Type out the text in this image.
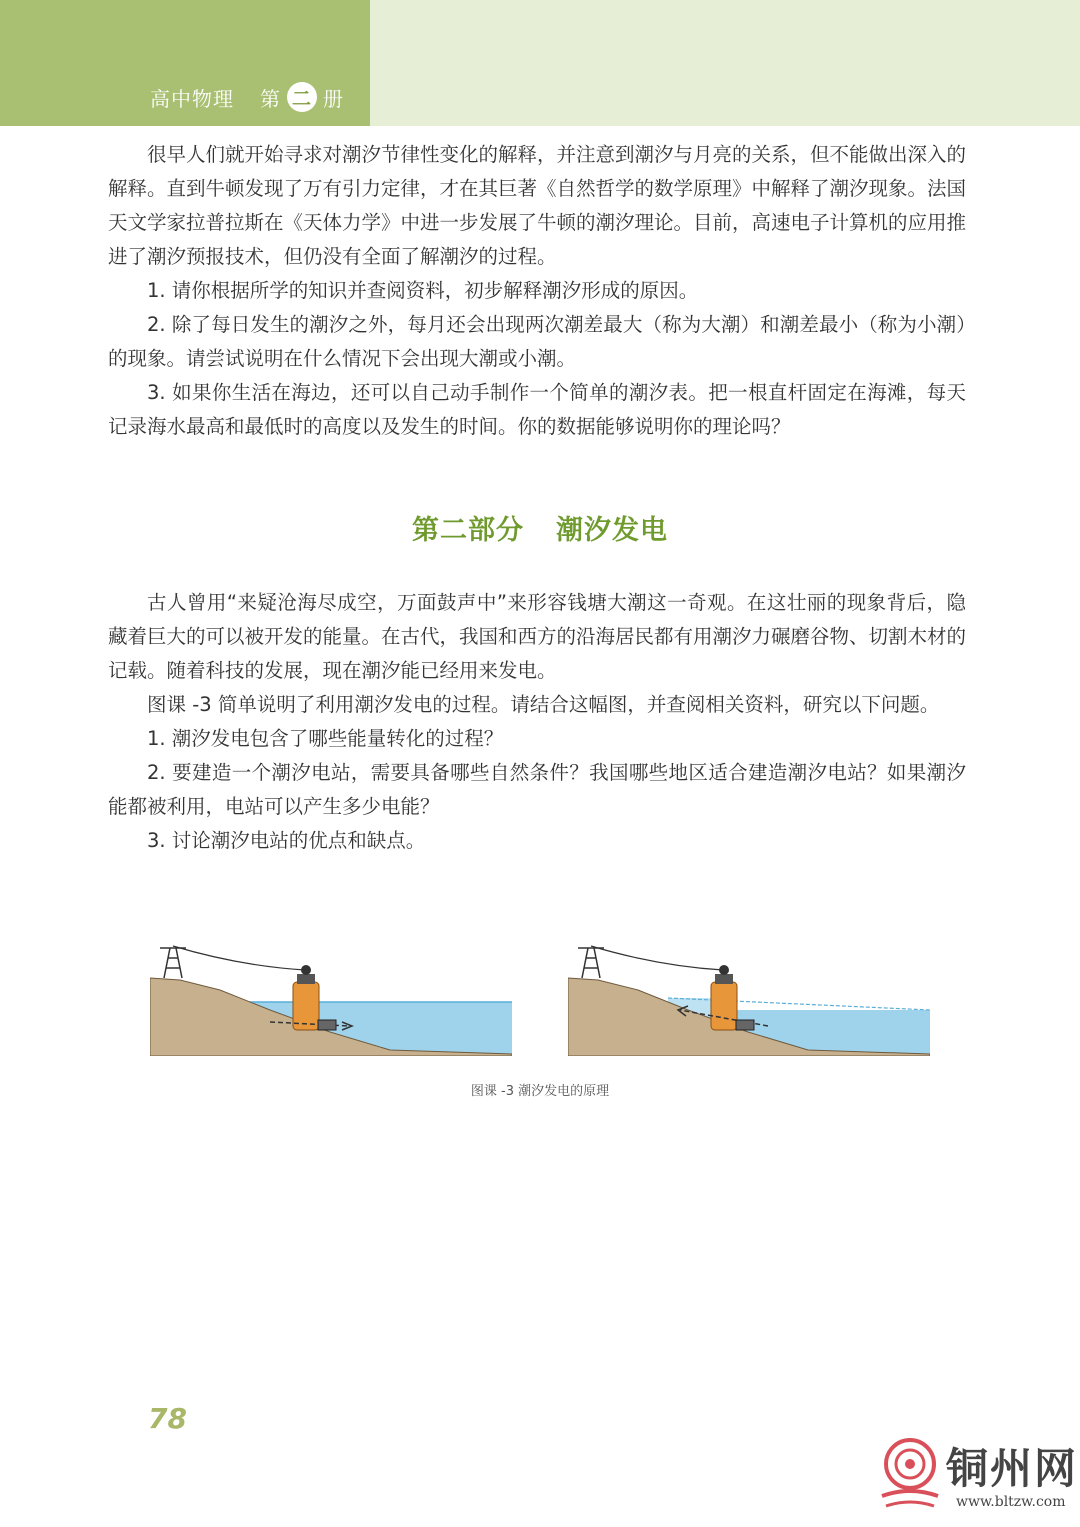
高中物理 第 二 册

很早人们就开始寻求对潮汐节律性变化的解释，并注意到潮汐与月亮的关系，但不能做出深入的解释。直到牛顿发现了万有引力定律，才在其巨著《自然哲学的数学原理》中解释了潮汐现象。法国天文学家拉普拉斯在《天体力学》中进一步发展了牛顿的潮汐理论。目前，高速电子计算机的应用推进了潮汐预报技术，但仍没有全面了解潮汐的过程。

1. 请你根据所学的知识并查阅资料，初步解释潮汐形成的原因。

2. 除了每日发生的潮汐之外，每月还会出现两次潮差最大（称为大潮）和潮差最小（称为小潮）的现象。请尝试说明在什么情况下会出现大潮或小潮。

3. 如果你生活在海边，还可以自己动手制作一个简单的潮汐表。把一根直杆固定在海滩，每天记录海水最高和最低时的高度以及发生的时间。你的数据能够说明你的理论吗？

第二部分 潮汐发电

古人曾用“来疑沧海尽成空，万面鼓声中”来形容钱塘大潮这一奇观。在这壮丽的现象背后，隐藏着巨大的可以被开发的能量。在古代，我国和西方的沿海居民都有用潮汐力碾磨谷物、切割木材的记载。随着科技的发展，现在潮汐能已经用来发电。

图课 -3 简单说明了利用潮汐发电的过程。请结合这幅图，并查阅相关资料，研究以下问题。

1. 潮汐发电包含了哪些能量转化的过程？

2. 要建造一个潮汐电站，需要具备哪些自然条件？我国哪些地区适合建造潮汐电站？如果潮汐能都被利用，电站可以产生多少电能？

3. 讨论潮汐电站的优点和缺点。

图课 -3 潮汐发电的原理
78
铜州网
www.bltzw.com
